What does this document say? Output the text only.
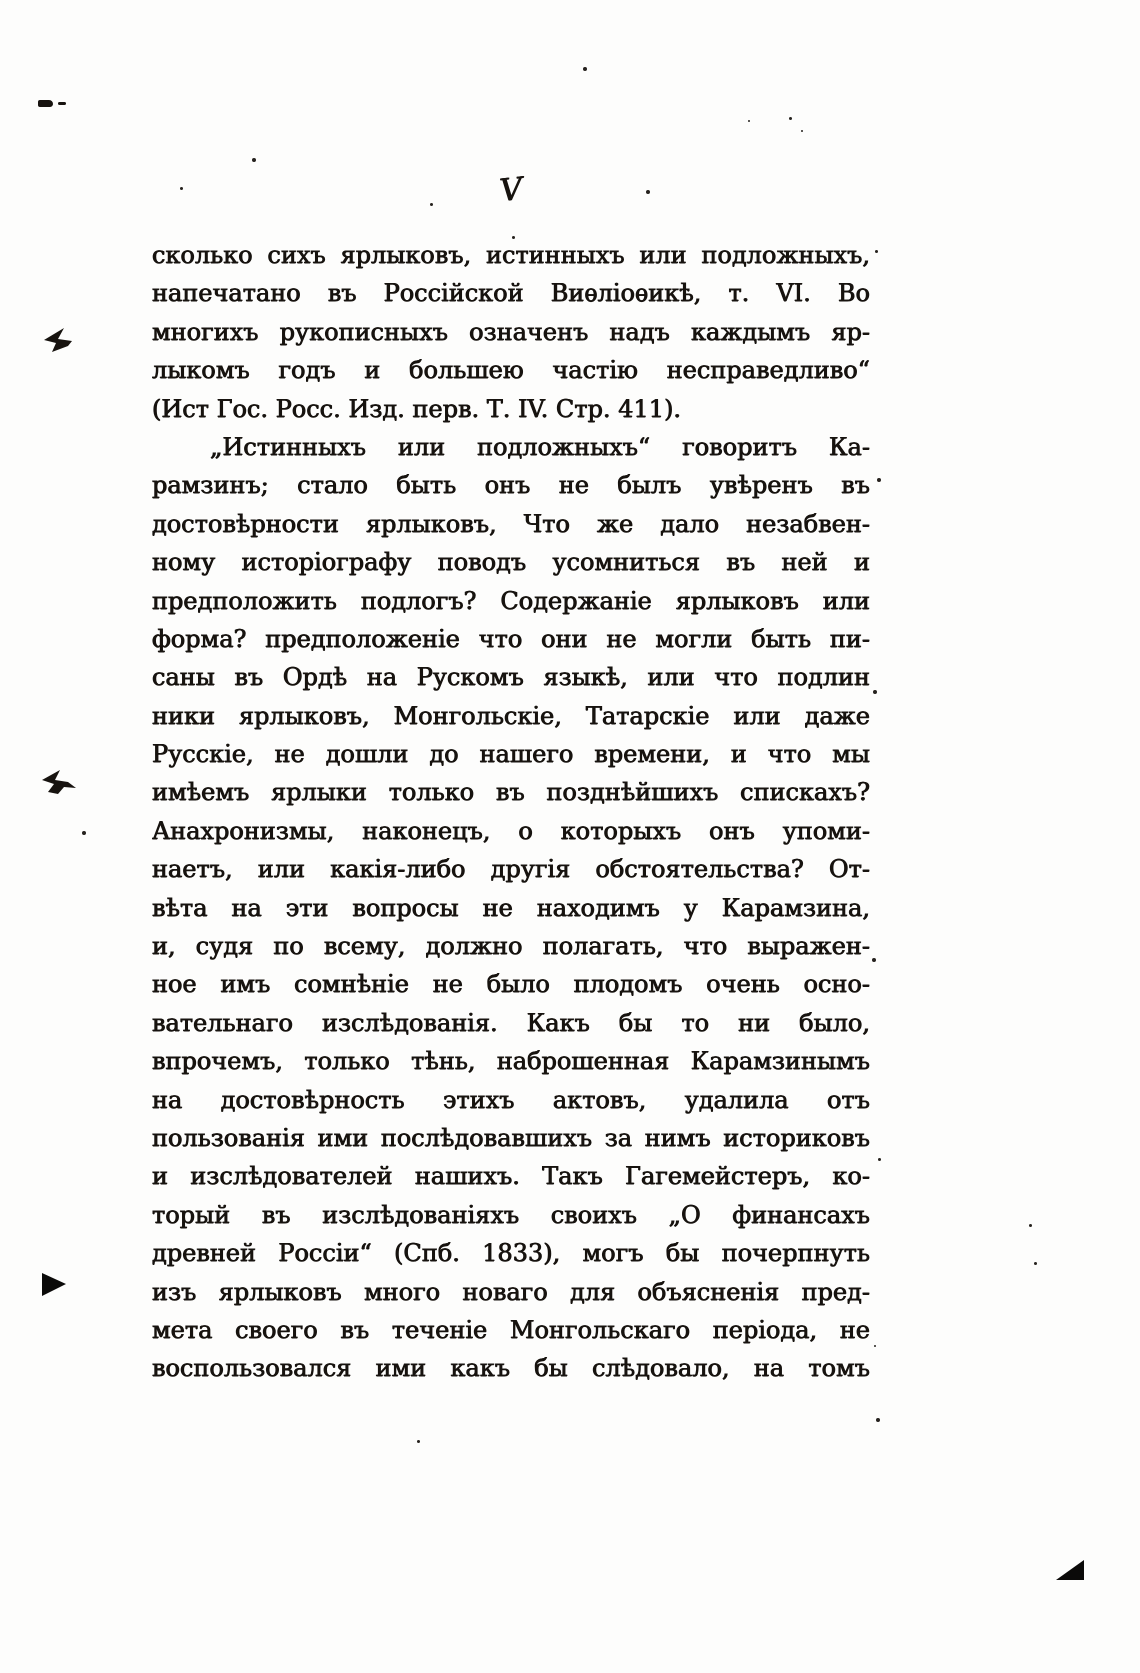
V
сколько сихъ ярлыковъ, истинныхъ или подложныхъ,
напечатано въ Россійской Виѳліоѳикѣ, т. VI. Во
многихъ рукописныхъ означенъ надъ каждымъ яр-
лыкомъ годъ и большею частію несправедливо“
(Ист Гос. Росс. Изд. перв. Т. IV. Стр. 411).
„Истинныхъ или подложныхъ“ говоритъ Ка-
рамзинъ; стало быть онъ не былъ увѣренъ въ
достовѣрности ярлыковъ, Что же дало незабвен-
ному исторіографу поводъ усомниться въ ней и
предположить подлогъ? Содержаніе ярлыковъ или
форма? предположеніе что они не могли быть пи-
саны въ Ордѣ на Рускомъ языкѣ, или что подлин
ники ярлыковъ, Монгольскіе, Татарскіе или даже
Русскіе, не дошли до нашего времени, и что мы
имѣемъ ярлыки только въ позднѣйшихъ спискахъ?
Анахронизмы, наконецъ, о которыхъ онъ упоми-
наетъ, или какія-либо другія обстоятельства? От-
вѣта на эти вопросы не находимъ у Карамзина,
и, судя по всему, должно полагать, что выражен-
ное имъ сомнѣніе не было плодомъ очень осно-
вательнаго изслѣдованія. Какъ бы то ни было,
впрочемъ, только тѣнь, наброшенная Карамзинымъ
на достовѣрность этихъ актовъ, удалила отъ
пользованія ими послѣдовавшихъ за нимъ историковъ
и изслѣдователей нашихъ. Такъ Гагемейстеръ, ко-
торый въ изслѣдованіяхъ своихъ „О финансахъ
древней Россіи“ (Спб. 1833), могъ бы почерпнуть
изъ ярлыковъ много новаго для объясненія пред-
мета своего въ теченіе Монгольскаго періода, не
воспользовался ими какъ бы слѣдовало, на томъ
